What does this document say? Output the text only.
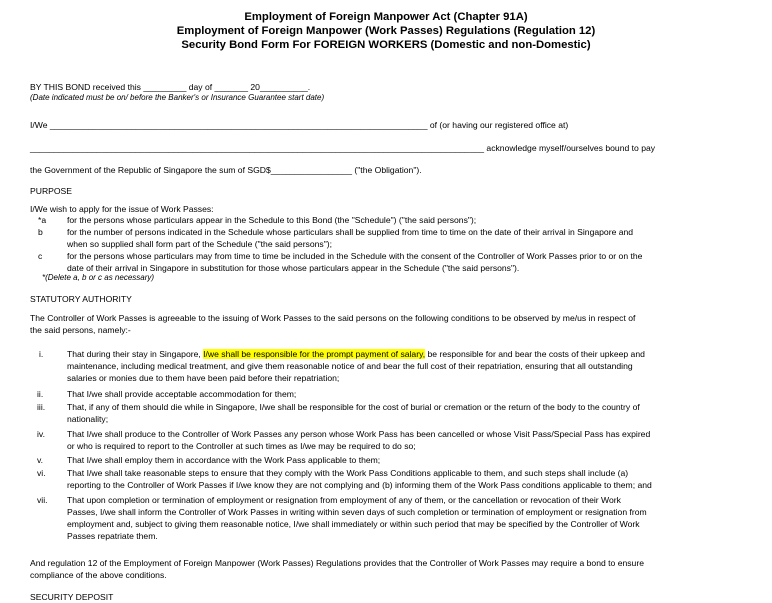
Employment of Foreign Manpower Act (Chapter 91A)
Employment of Foreign Manpower (Work Passes) Regulations (Regulation 12)
Security Bond Form For FOREIGN WORKERS (Domestic and non-Domestic)
BY THIS BOND received this _________ day of _______ 20__________.
(Date indicated must be on/ before the Banker's or Insurance Guarantee start date)
I/We _______________________________________________________________________________ of (or having our registered office at)
_______________________________________________________________________________________________ acknowledge myself/ourselves bound to pay
the Government of the Republic of Singapore the sum of SGD$_________________ ("the Obligation").
PURPOSE
I/We wish to apply for the issue of Work Passes:
*a for the persons whose particulars appear in the Schedule to this Bond (the "Schedule") ("the said persons");
b	for the number of persons indicated in the Schedule whose particulars shall be supplied from time to time on the date of their arrival in Singapore and
when so supplied shall form part of the Schedule ("the said persons");
c	for the persons whose particulars may from time to time be included in the Schedule with the consent of the Controller of Work Passes prior to or on the
date of their arrival in Singapore in substitution for those whose particulars appear in the Schedule ("the said persons").
*(Delete a, b or c as necessary)
STATUTORY AUTHORITY
The Controller of Work Passes is agreeable to the issuing of Work Passes to the said persons on the following conditions to be observed by me/us in respect of
the said persons, namely:-
i.	That during their stay in Singapore, I/we shall be responsible for the prompt payment of salary, be responsible for and bear the costs of their upkeep and
maintenance, including medical treatment, and give them reasonable notice of and bear the full cost of their repatriation, ensuring that all outstanding
salaries or monies due to them have been paid before their repatriation;
ii.	That I/we shall provide acceptable accommodation for them;
iii.	That, if any of them should die while in Singapore, I/we shall be responsible for the cost of burial or cremation or the return of the body to the country of
nationality;
iv.	That I/we shall produce to the Controller of Work Passes any person whose Work Pass has been cancelled or whose Visit Pass/Special Pass has expired
or who is required to report to the Controller at such times as I/we may be required to do so;
v.	That I/we shall employ them in accordance with the Work Pass applicable to them;
vi. That I/we shall take reasonable steps to ensure that they comply with the Work Pass Conditions applicable to them, and such steps shall include (a)
reporting to the Controller of Work Passes if I/we know they are not complying and (b) informing them of the Work Pass conditions applicable to them; and
vii. That upon completion or termination of employment or resignation from employment of any of them, or the cancellation or revocation of their Work
Passes, I/we shall inform the Controller of Work Passes in writing within seven days of such completion or termination of employment or resignation from
employment and, subject to giving them reasonable notice, I/we shall immediately or within such period that may be specified by the Controller of Work
Passes repatriate them.
And regulation 12 of the Employment of Foreign Manpower (Work Passes) Regulations provides that the Controller of Work Passes may require a bond to ensure
compliance of the above conditions.
SECURITY DEPOSIT
